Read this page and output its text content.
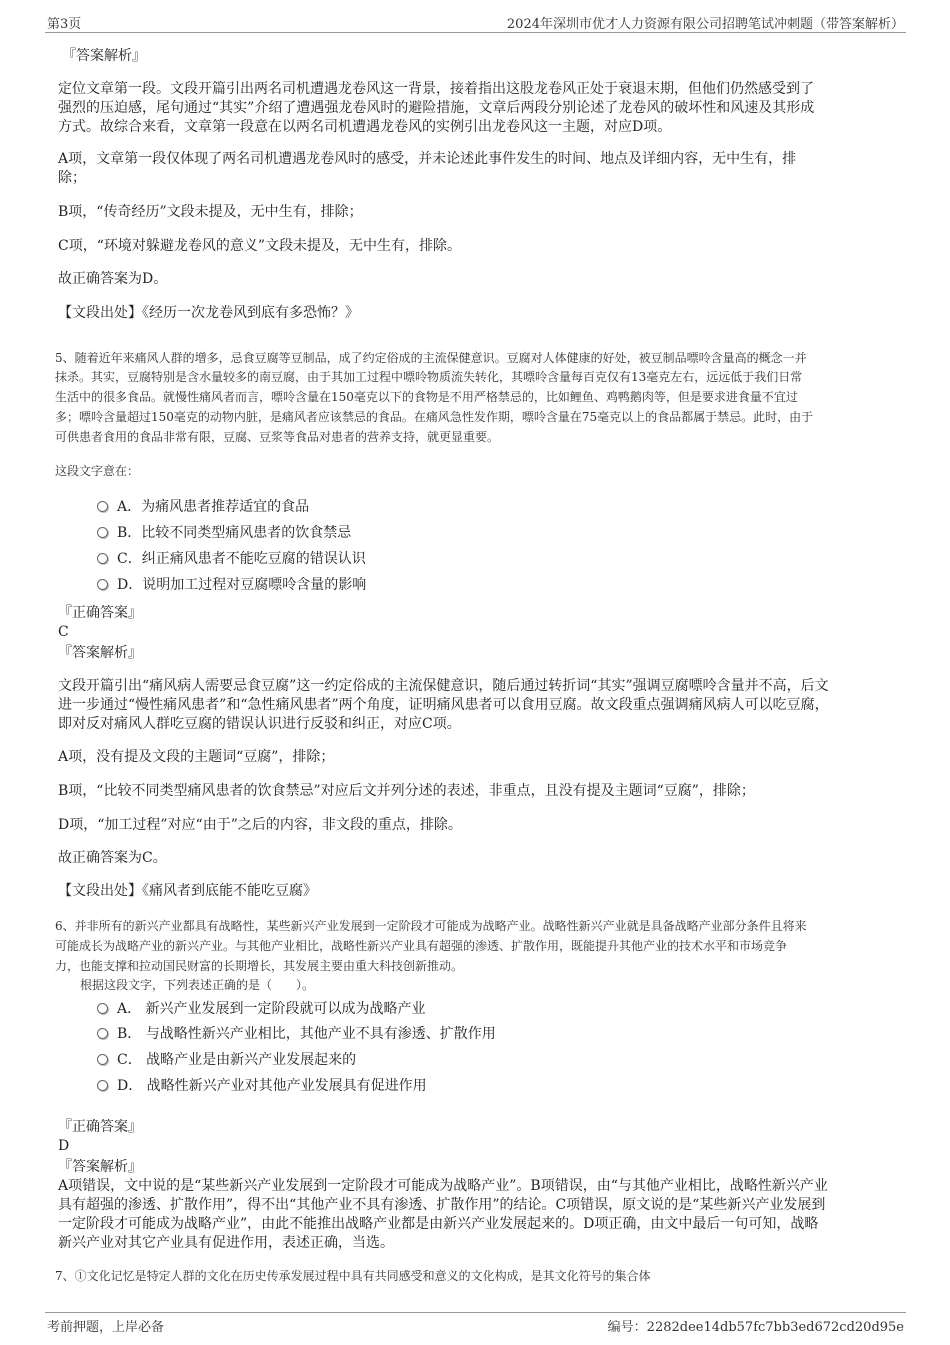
第3页	2024年深圳市优才人力资源有限公司招聘笔试冲刺题（带答案解析）
『答案解析』
定位文章第一段。文段开篇引出两名司机遭遇龙卷风这一背景，接着指出这股龙卷风正处于衰退末期，但他们仍然感受到了
强烈的压迫感，尾句通过“其实”介绍了遭遇强龙卷风时的避险措施，文章后两段分别论述了龙卷风的破坏性和风速及其形成
方式。故综合来看，文章第一段意在以两名司机遭遇龙卷风的实例引出龙卷风这一主题，对应D项。
A项，文章第一段仅体现了两名司机遭遇龙卷风时的感受，并未论述此事件发生的时间、地点及详细内容，无中生有，排
除；
B项，“传奇经历”文段未提及，无中生有，排除；
C项，“环境对躲避龙卷风的意义”文段未提及，无中生有，排除。
故正确答案为D。
【文段出处】《经历一次龙卷风到底有多恐怖？》
5、随着近年来痛风人群的增多，忌食豆腐等豆制品，成了约定俗成的主流保健意识。豆腐对人体健康的好处，被豆制品嘌呤含量高的概念一并
抹杀。其实，豆腐特别是含水量较多的南豆腐，由于其加工过程中嘌呤物质流失转化，其嘌呤含量每百克仅有13毫克左右，远远低于我们日常
生活中的很多食品。就慢性痛风者而言，嘌呤含量在150毫克以下的食物是不用严格禁忌的，比如鲤鱼、鸡鸭鹅肉等，但是要求进食量不宜过
多；嘌呤含量超过150毫克的动物内脏，是痛风者应该禁忌的食品。在痛风急性发作期，嘌呤含量在75毫克以上的食品都属于禁忌。此时，由于
可供患者食用的食品非常有限，豆腐、豆浆等食品对患者的营养支持，就更显重要。
这段文字意在：
A．为痛风患者推荐适宜的食品
B．比较不同类型痛风患者的饮食禁忌
C．纠正痛风患者不能吃豆腐的错误认识
D．说明加工过程对豆腐嘌呤含量的影响
『正确答案』
C
『答案解析』
文段开篇引出“痛风病人需要忌食豆腐”这一约定俗成的主流保健意识，随后通过转折词“其实”强调豆腐嘌呤含量并不高，后文
进一步通过“慢性痛风患者”和“急性痛风患者”两个角度，证明痛风患者可以食用豆腐。故文段重点强调痛风病人可以吃豆腐，
即对反对痛风人群吃豆腐的错误认识进行反驳和纠正，对应C项。
A项，没有提及文段的主题词“豆腐”，排除；
B项，“比较不同类型痛风患者的饮食禁忌”对应后文并列分述的表述，非重点，且没有提及主题词“豆腐”，排除；
D项，“加工过程”对应“由于”之后的内容，非文段的重点，排除。
故正确答案为C。
【文段出处】《痛风者到底能不能吃豆腐》
6、并非所有的新兴产业都具有战略性，某些新兴产业发展到一定阶段才可能成为战略产业。战略性新兴产业就是具备战略产业部分条件且将来
可能成长为战略产业的新兴产业。与其他产业相比，战略性新兴产业具有超强的渗透、扩散作用，既能提升其他产业的技术水平和市场竞争
力，也能支撑和拉动国民财富的长期增长，其发展主要由重大科技创新推动。
根据这段文字，下列表述正确的是（　　）。
A． 新兴产业发展到一定阶段就可以成为战略产业
B． 与战略性新兴产业相比，其他产业不具有渗透、扩散作用
C． 战略产业是由新兴产业发展起来的
D． 战略性新兴产业对其他产业发展具有促进作用
『正确答案』
D
『答案解析』
A项错误，文中说的是“某些新兴产业发展到一定阶段才可能成为战略产业”。B项错误，由“与其他产业相比，战略性新兴产业
具有超强的渗透、扩散作用”，得不出“其他产业不具有渗透、扩散作用”的结论。C项错误，原文说的是“某些新兴产业发展到
一定阶段才可能成为战略产业”，由此不能推出战略产业都是由新兴产业发展起来的。D项正确，由文中最后一句可知，战略
新兴产业对其它产业具有促进作用，表述正确，当选。
7、①文化记忆是特定人群的文化在历史传承发展过程中具有共同感受和意义的文化构成，是其文化符号的集合体
考前押题，上岸必备	编号：2282dee14db57fc7bb3ed672cd20d95e
